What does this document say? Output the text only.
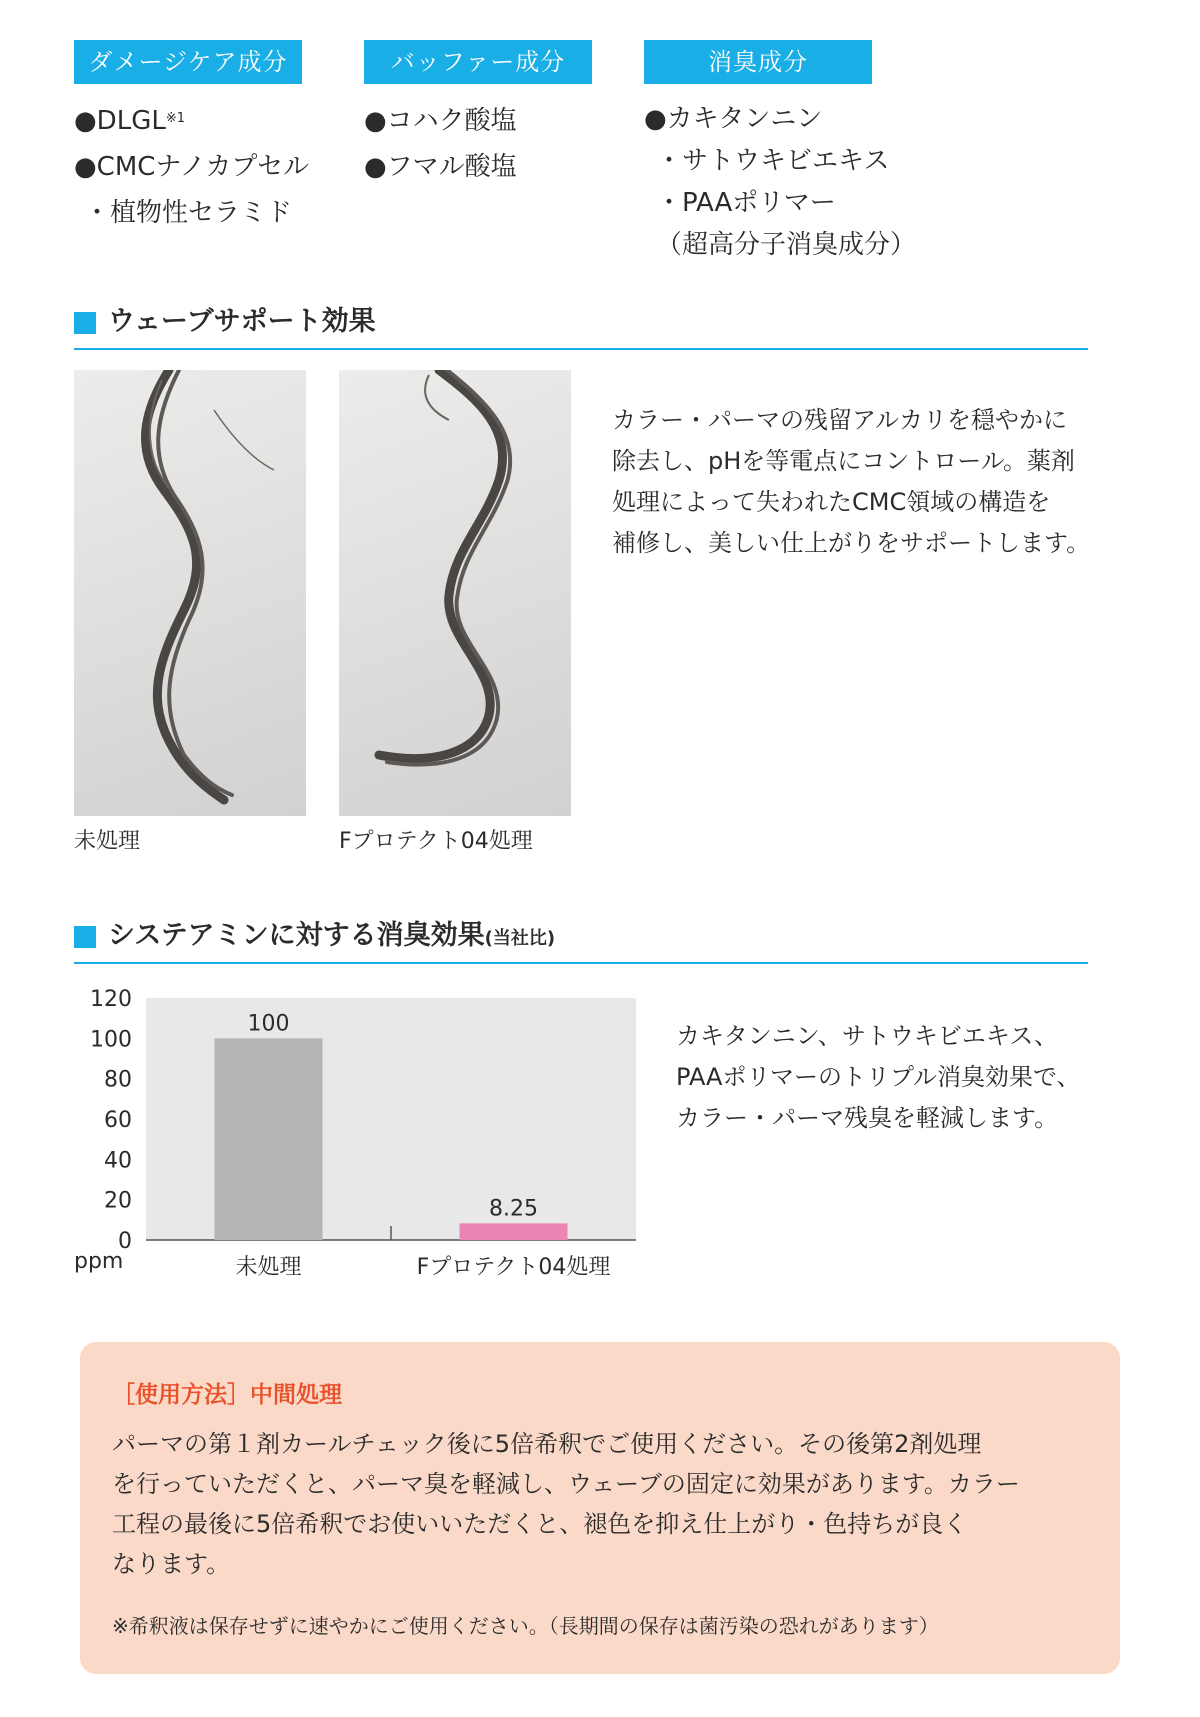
ダメージケア成分	バッファー成分	消臭成分
●DLGL$^{※1}$
●CMCナノカプセル
・植物性セラミド
●コハク酸塩
●フマル酸塩
●カキタンニン
・サトウキビエキス
・PAAポリマー
（超高分子消臭成分）
ウェーブサポート効果
未処理	Fプロテクト04処理
カラー・パーマの残留アルカリを穏やかに
除去し、pHを等電点にコントロール。薬剤
処理によって失われたCMC領域の構造を
補修し、美しい仕上がりをサポートします。
システアミンに対する消臭効果(当社比)
0
20
40
60
80
100
120
ppm
100
未処理
8.25
Fプロテクト04処理
カキタンニン、サトウキビエキス、
PAAポリマーのトリプル消臭効果で、
カラー・パーマ残臭を軽減します。
［使用方法］中間処理
パーマの第１剤カールチェック後に5倍希釈でご使用ください。その後第2剤処理
を行っていただくと、パーマ臭を軽減し、ウェーブの固定に効果があります。カラー
工程の最後に5倍希釈でお使いいただくと、褪色を抑え仕上がり・色持ちが良く
なります。
※希釈液は保存せずに速やかにご使用ください。（長期間の保存は菌汚染の恐れがあります）
